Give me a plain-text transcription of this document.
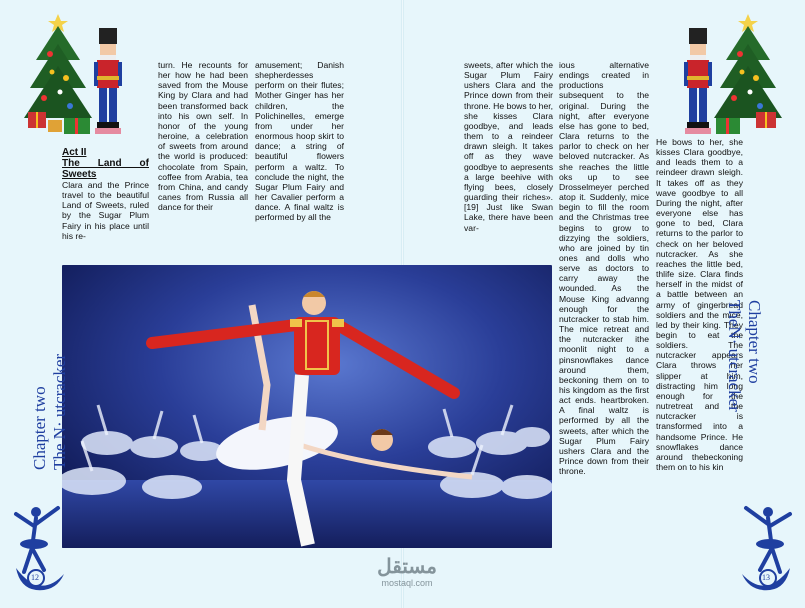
Act II
The Land of Sweets

Clara and the Prince travel to the beautiful Land of Sweets, ruled by the Sugar Plum Fairy in his place until his re-

turn. He recounts for her how he had been saved from the Mouse King by Clara and had been transformed back into his own self. In honor of the young heroine, a celebration of sweets from around the world is produced: chocolate from Spain, coffee from Arabia, tea from China, and candy canes from Russia all dance for their

amusement; Danish shepherdesses perform on their flutes; Mother Ginger has her children, the Polichinelles, emerge from under her enormous hoop skirt to dance; a string of beautiful flowers perform a waltz. To conclude the night, the Sugar Plum Fairy and her Cavalier perform a dance. A final waltz is performed by all the

sweets, after which the Sugar Plum Fairy ushers Clara and the Prince down from their throne. He bows to her, she kisses Clara goodbye, and leads them to a reindeer drawn sleigh. It takes off as they wave goodbye to aepresents a large beehive with flying bees, closely guarding their riches».[19] Just like Swan Lake, there have been var-

ious alternative endings created in productions subsequent to the original. During the night, after everyone else has gone to bed, Clara returns to the parlor to check on her beloved nutcracker. As she reaches the little oks up to see Drosselmeyer perched atop it. Suddenly, mice begin to fill the room and the Christmas tree begins to grow to dizzying the soldiers, who are joined by tin ones and dolls who serve as doctors to carry away the wounded. As the Mouse King advanng enough for the nutcracker to stab him. The mice retreat and the nutcracker ithe moonlit night to a pinsnowflakes dance around them, beckoning them on to his kingdom as the first act ends. heartbroken. A final waltz is performed by all the sweets, after which the Sugar Plum Fairy ushers Clara and the Prince down from their throne.

He bows to her, she kisses Clara goodbye, and leads them to a reindeer drawn sleigh. It takes off as they wave goodbye to all During the night, after everyone else has gone to bed, Clara returns to the parlor to check on her beloved nutcracker. As she reaches the little bed, thlife size. Clara finds herself in the midst of a battle between an army of gingerbread soldiers and the mice, led by their king. They begin to eat the soldiers. The nutcracker appears Clara throws her slipper at him, distracting him long enough for the nutretreat and the nutcracker is transformed into a handsome Prince. He snowflakes dance around thebeckoning them on to his kin

Chapter two The N· utcracker
Chapter two
TheN· utcracker
12	13
مستقل
mostaql.com
